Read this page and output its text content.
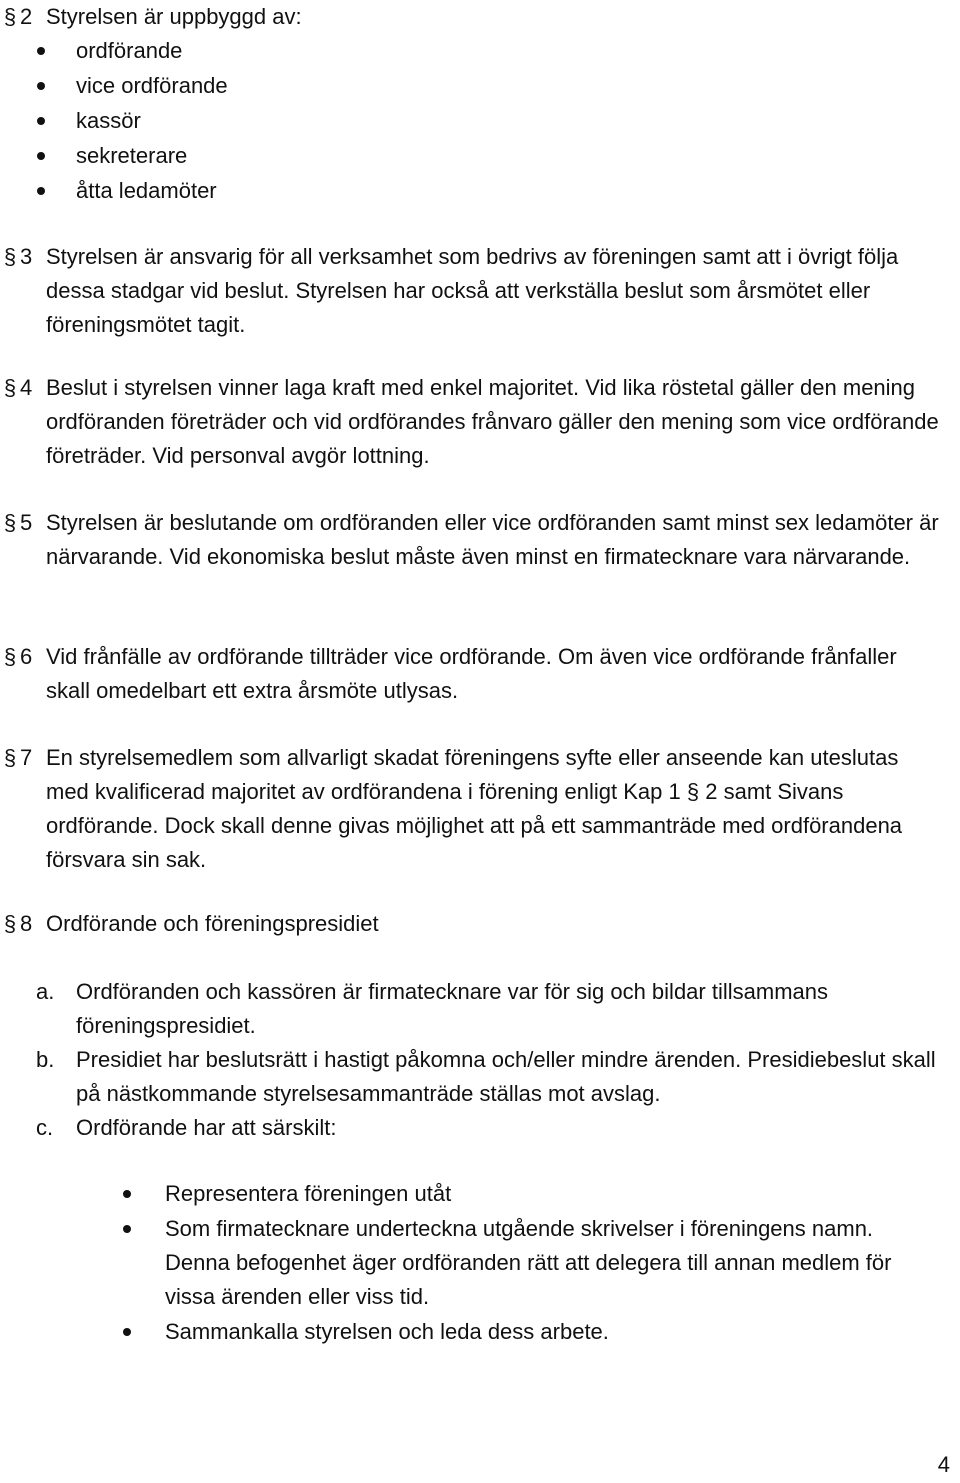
§ 2 Styrelsen är uppbyggd av:
ordförande
vice ordförande
kassör
sekreterare
åtta ledamöter
§ 3 Styrelsen är ansvarig för all verksamhet som bedrivs av föreningen samt att i övrigt följa dessa stadgar vid beslut. Styrelsen har också att verkställa beslut som årsmötet eller föreningsmötet tagit.
§ 4 Beslut i styrelsen vinner laga kraft med enkel majoritet. Vid lika röstetal gäller den mening ordföranden företräder och vid ordförandes frånvaro gäller den mening som vice ordförande företräder. Vid personval avgör lottning.
§ 5 Styrelsen är beslutande om ordföranden eller vice ordföranden samt minst sex ledamöter är närvarande. Vid ekonomiska beslut måste även minst en firmatecknare vara närvarande.
§ 6 Vid frånfälle av ordförande tillträder vice ordförande. Om även vice ordförande frånfaller skall omedelbart ett extra årsmöte utlysas.
§ 7 En styrelsemedlem som allvarligt skadat föreningens syfte eller anseende kan uteslutas med kvalificerad majoritet av ordförandena i förening enligt Kap 1 § 2 samt Sivans ordförande. Dock skall denne givas möjlighet att på ett sammanträde med ordförandena försvara sin sak.
§ 8 Ordförande och föreningspresidiet
a. Ordföranden och kassören är firmatecknare var för sig och bildar tillsammans föreningspresidiet.
b. Presidiet har beslutsrätt i hastigt påkomna och/eller mindre ärenden. Presidiebeslut skall på nästkommande styrelsesammanträde ställas mot avslag.
c. Ordförande har att särskilt:
Representera föreningen utåt
Som firmatecknare underteckna utgående skrivelser i föreningens namn. Denna befogenhet äger ordföranden rätt att delegera till annan medlem för vissa ärenden eller viss tid.
Sammankalla styrelsen och leda dess arbete.
4
